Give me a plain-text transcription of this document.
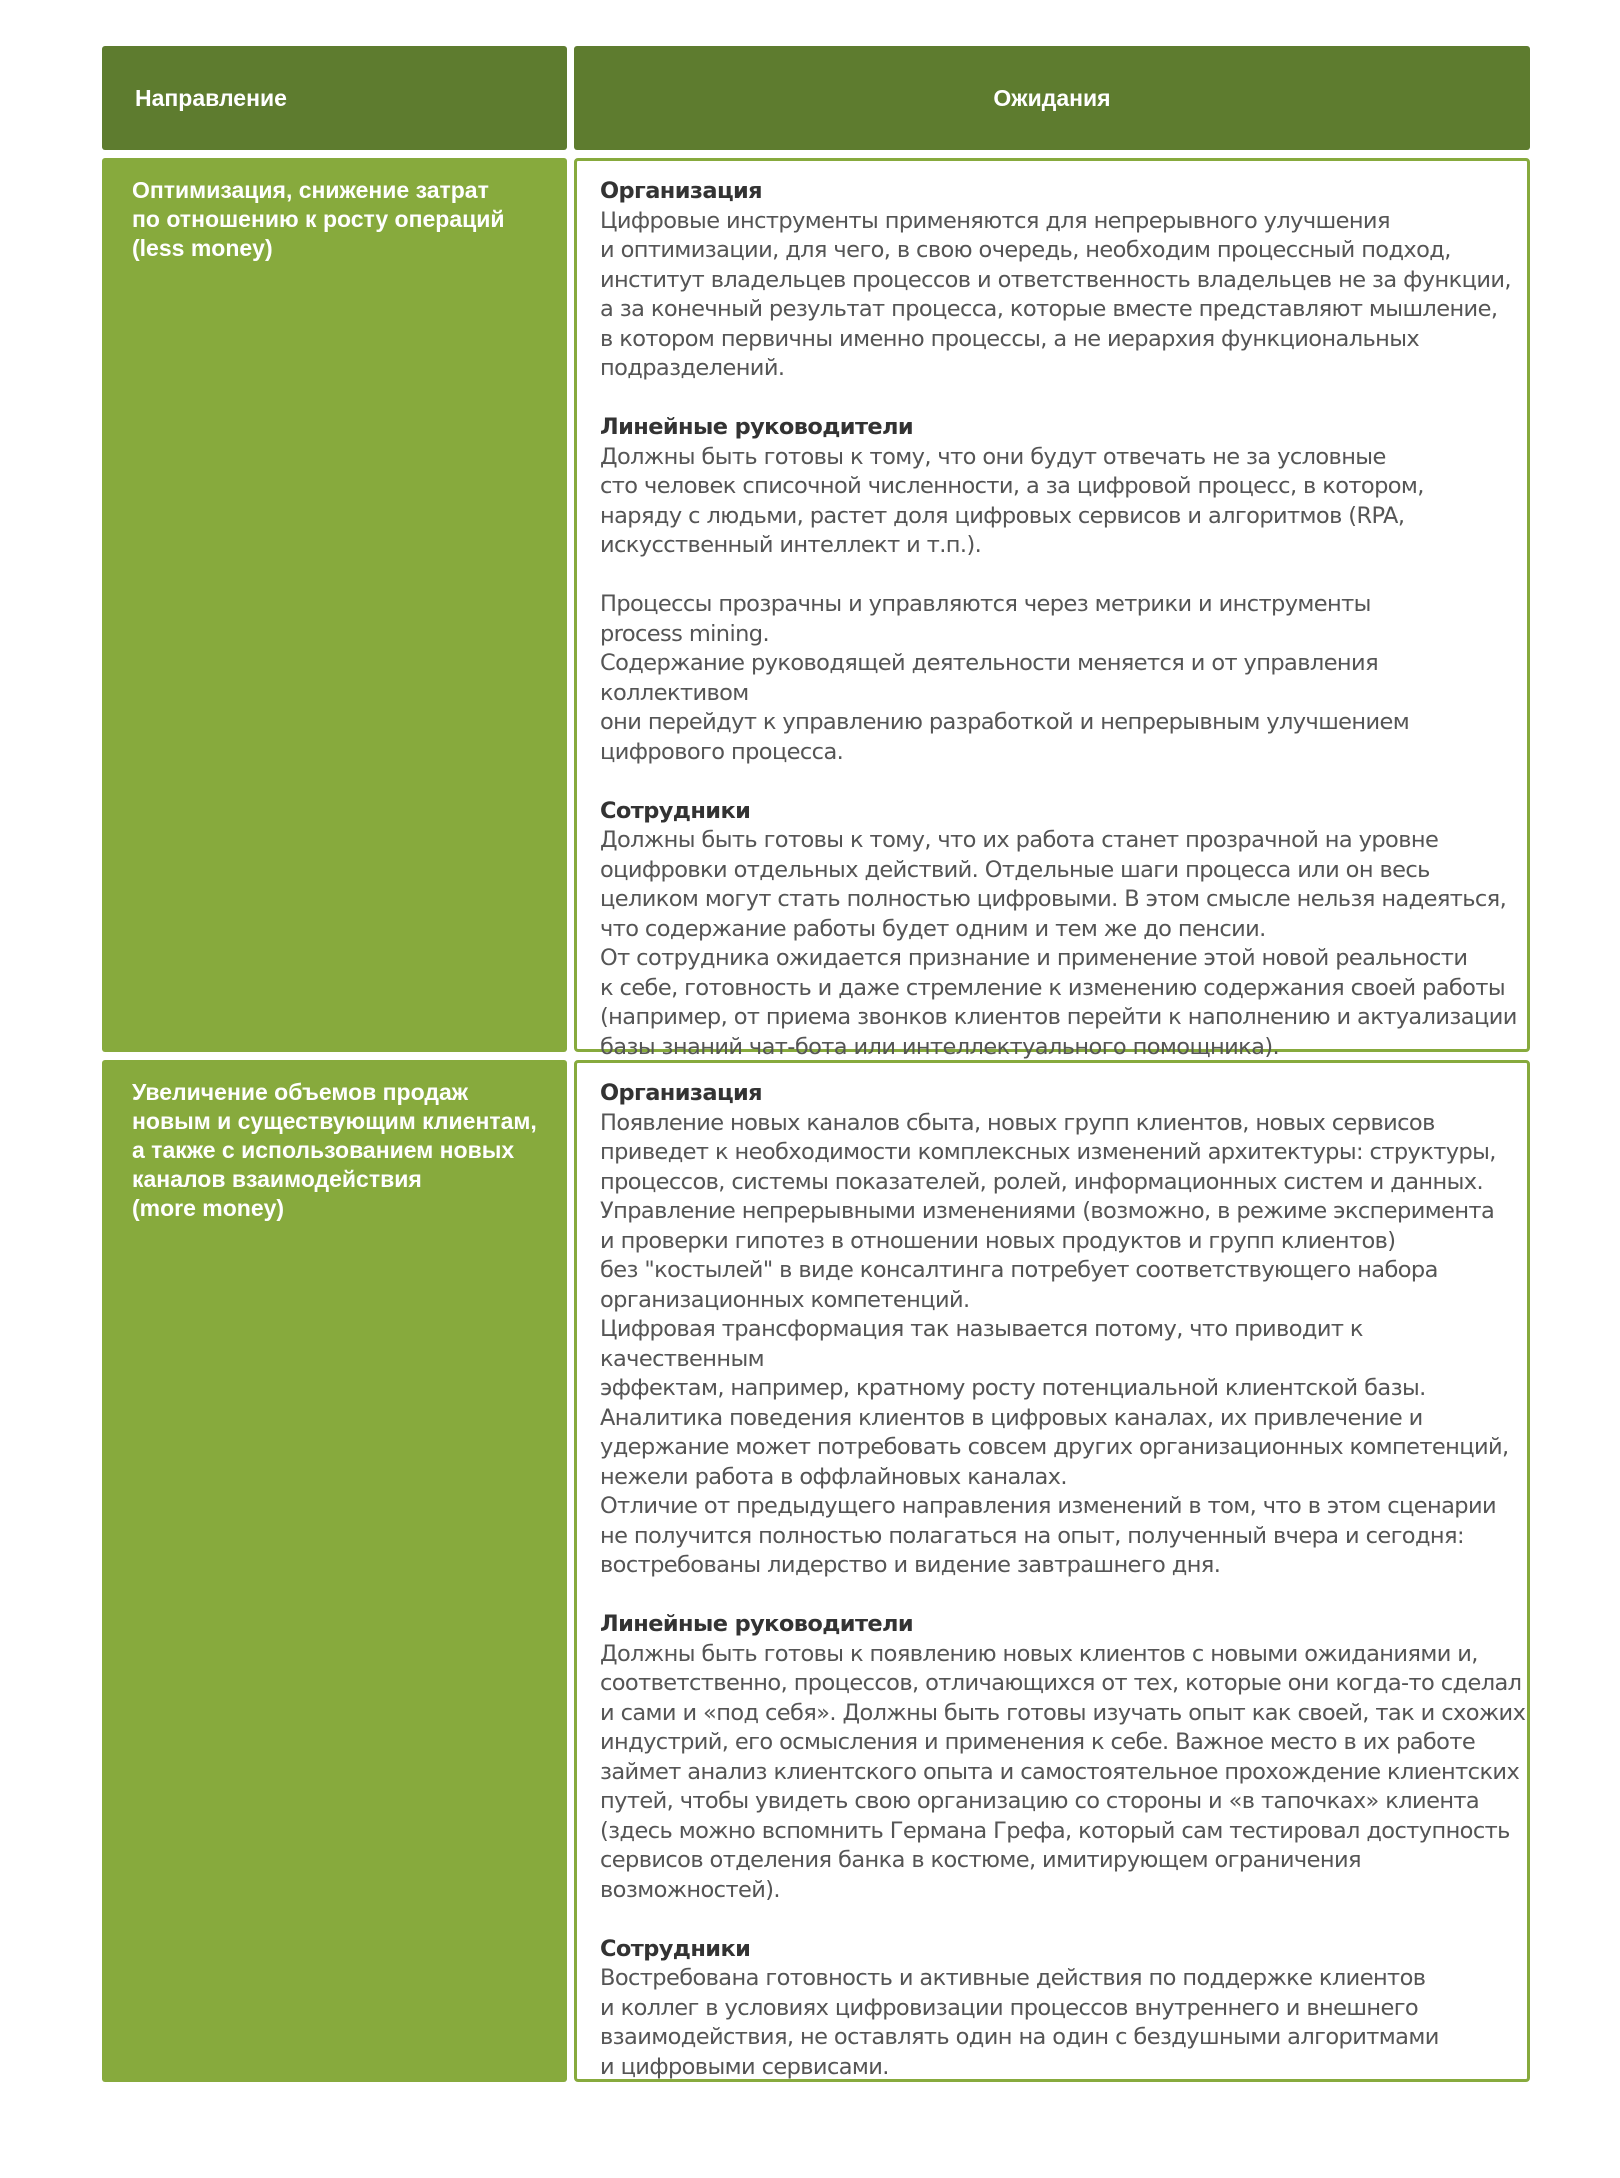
Направление	Ожидания
Оптимизация, снижение затрат
по отношению к росту операций
(less money)
Организация
Цифровые инструменты применяются для непрерывного улучшения
и оптимизации, для чего, в свою очередь, необходим процессный подход,
институт владельцев процессов и ответственность владельцев не за функции,
а за конечный результат процесса, которые вместе представляют мышление,
в котором первичны именно процессы, а не иерархия функциональных
подразделений.
Линейные руководители
Должны быть готовы к тому, что они будут отвечать не за условные
сто человек списочной численности, а за цифровой процесс, в котором,
наряду с людьми, растет доля цифровых сервисов и алгоритмов (RPA,
искусственный интеллект и т.п.).
Процессы прозрачны и управляются через метрики и инструменты
process mining.
Содержание руководящей деятельности меняется и от управления коллективом
они перейдут к управлению разработкой и непрерывным улучшением
цифрового процесса.
Сотрудники
Должны быть готовы к тому, что их работа станет прозрачной на уровне
оцифровки отдельных действий. Отдельные шаги процесса или он весь
целиком могут стать полностью цифровыми. В этом смысле нельзя надеяться,
что содержание работы будет одним и тем же до пенсии.
От сотрудника ожидается признание и применение этой новой реальности
к себе, готовность и даже стремление к изменению содержания своей работы
(например, от приема звонков клиентов перейти к наполнению и актуализации
базы знаний чат-бота или интеллектуального помощника).
Увеличение объемов продаж
новым и существующим клиентам,
а также с использованием новых
каналов взаимодействия
(more money)
Организация
Появление новых каналов сбыта, новых групп клиентов, новых сервисов
приведет к необходимости комплексных изменений архитектуры: структуры,
процессов, системы показателей, ролей, информационных систем и данных.
Управление непрерывными изменениями (возможно, в режиме эксперимента
и проверки гипотез в отношении новых продуктов и групп клиентов)
без "костылей" в виде консалтинга потребует соответствующего набора
организационных компетенций.
Цифровая трансформация так называется потому, что приводит к качественным
эффектам, например, кратному росту потенциальной клиентской базы.
Аналитика поведения клиентов в цифровых каналах, их привлечение и
удержание может потребовать совсем других организационных компетенций,
нежели работа в оффлайновых каналах.
Отличие от предыдущего направления изменений в том, что в этом сценарии
не получится полностью полагаться на опыт, полученный вчера и сегодня:
востребованы лидерство и видение завтрашнего дня.
Линейные руководители
Должны быть готовы к появлению новых клиентов с новыми ожиданиями и,
соответственно, процессов, отличающихся от тех, которые они когда-то сделал
и сами и «под себя». Должны быть готовы изучать опыт как своей, так и схожих
индустрий, его осмысления и применения к себе. Важное место в их работе
займет анализ клиентского опыта и самостоятельное прохождение клиентских
путей, чтобы увидеть свою организацию со стороны и «в тапочках» клиента
(здесь можно вспомнить Германа Грефа, который сам тестировал доступность
сервисов отделения банка в костюме, имитирующем ограничения
возможностей).
Сотрудники
Востребована готовность и активные действия по поддержке клиентов
и коллег в условиях цифровизации процессов внутреннего и внешнего
взаимодействия, не оставлять один на один с бездушными алгоритмами
и цифровыми сервисами.
